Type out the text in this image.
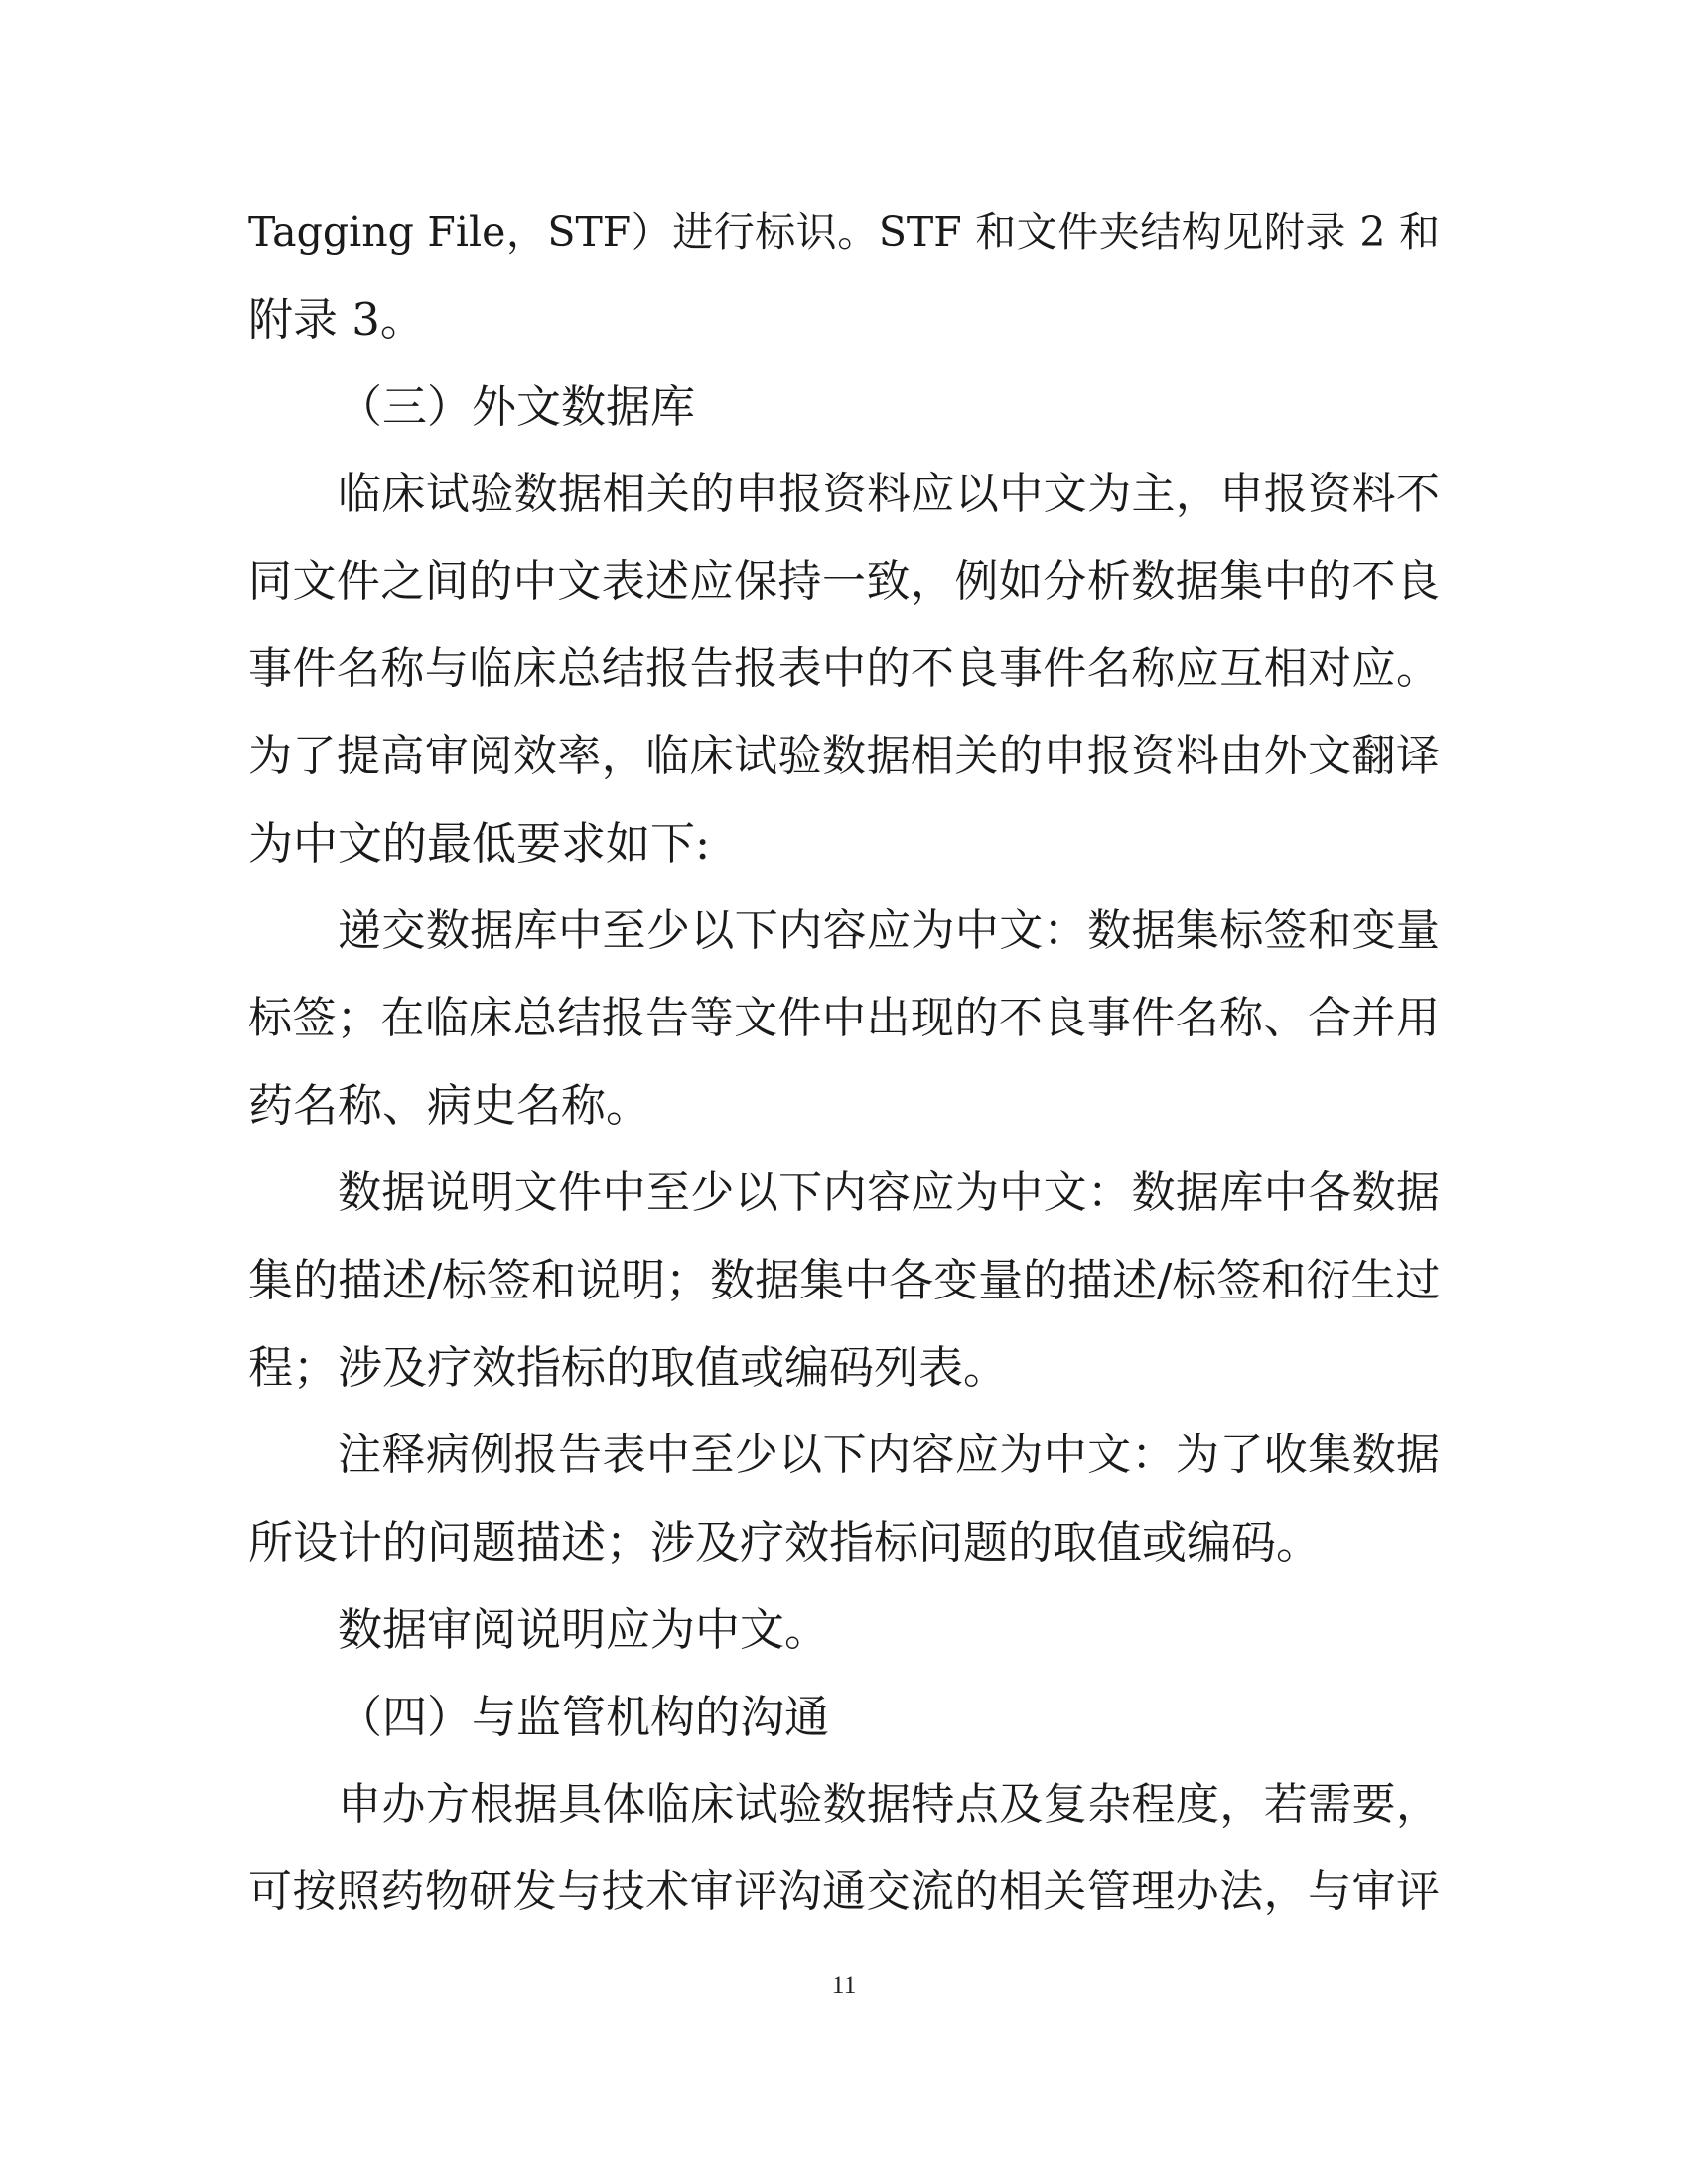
Tagging File，STF）进行标识。STF 和文件夹结构见附录 2 和
附录 3。
（三）外文数据库
临床试验数据相关的申报资料应以中文为主，申报资料不
同文件之间的中文表述应保持一致，例如分析数据集中的不良
事件名称与临床总结报告报表中的不良事件名称应互相对应。
为了提高审阅效率，临床试验数据相关的申报资料由外文翻译
为中文的最低要求如下:
递交数据库中至少以下内容应为中文：数据集标签和变量
标签；在临床总结报告等文件中出现的不良事件名称、合并用
药名称、病史名称。
数据说明文件中至少以下内容应为中文：数据库中各数据
集的描述/标签和说明；数据集中各变量的描述/标签和衍生过
程；涉及疗效指标的取值或编码列表。
注释病例报告表中至少以下内容应为中文：为了收集数据
所设计的问题描述；涉及疗效指标问题的取值或编码。
数据审阅说明应为中文。
（四）与监管机构的沟通
申办方根据具体临床试验数据特点及复杂程度，若需要，
可按照药物研发与技术审评沟通交流的相关管理办法，与审评
11
